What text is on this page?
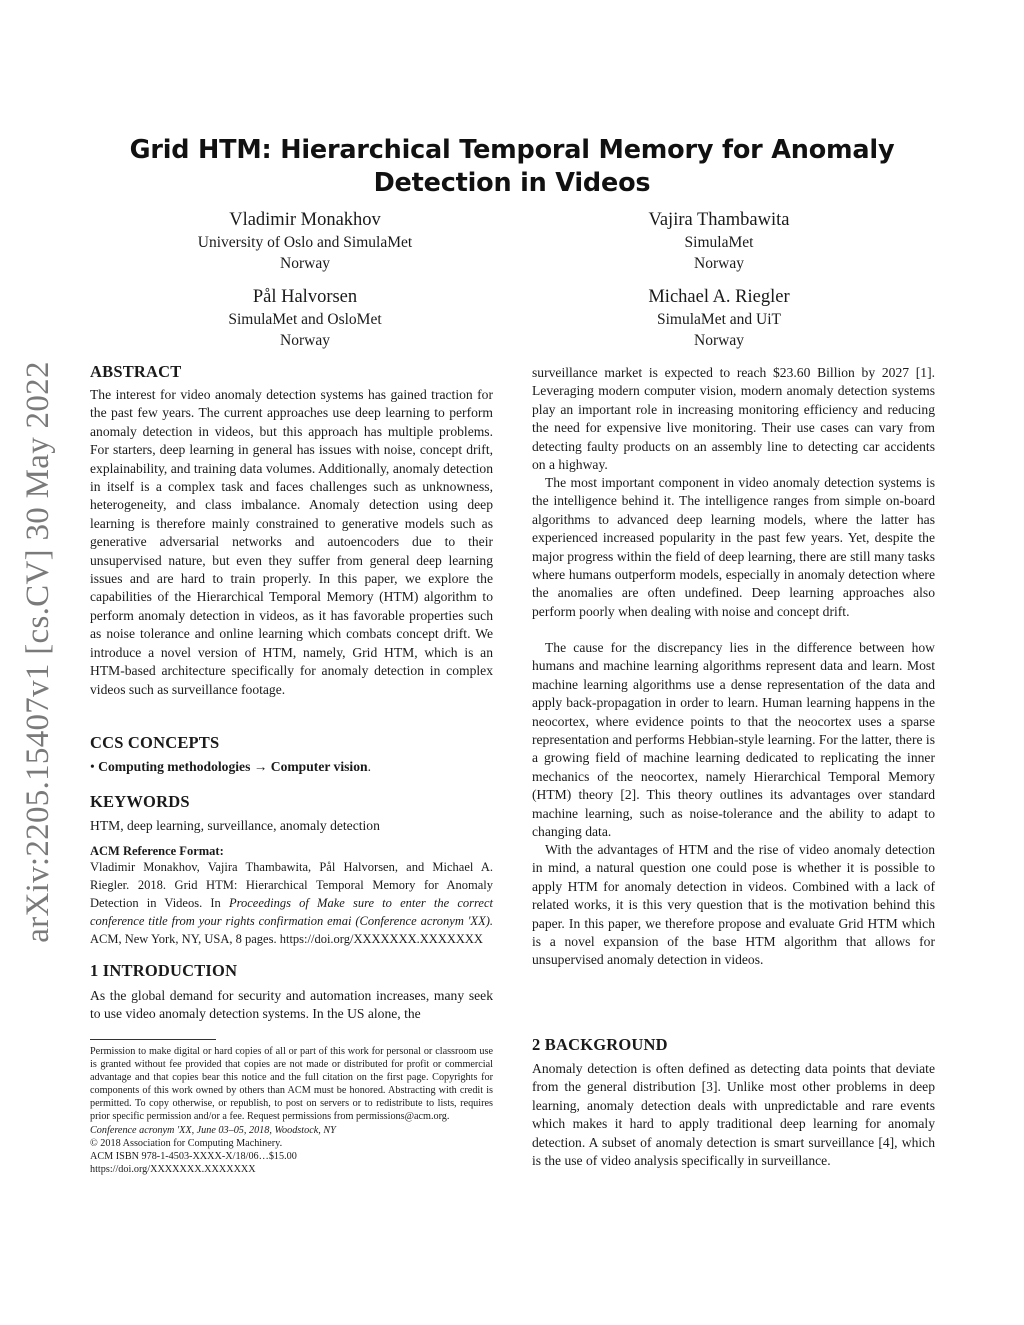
arXiv:2205.15407v1 [cs.CV] 30 May 2022
Grid HTM: Hierarchical Temporal Memory for Anomaly
Detection in Videos
Vladimir Monakhov
University of Oslo and SimulaMet
Norway
Vajira Thambawita
SimulaMet
Norway
Pål Halvorsen
SimulaMet and OsloMet
Norway
Michael A. Riegler
SimulaMet and UiT
Norway
ABSTRACT
The interest for video anomaly detection systems has gained traction for the past few years. The current approaches use deep learning to perform anomaly detection in videos, but this approach has multiple problems. For starters, deep learning in general has issues with noise, concept drift, explainability, and training data volumes. Additionally, anomaly detection in itself is a complex task and faces challenges such as unknowness, heterogeneity, and class imbalance. Anomaly detection using deep learning is therefore mainly constrained to generative models such as generative adversarial networks and autoencoders due to their unsupervised nature, but even they suffer from general deep learning issues and are hard to train properly. In this paper, we explore the capabilities of the Hierarchical Temporal Memory (HTM) algorithm to perform anomaly detection in videos, as it has favorable properties such as noise tolerance and online learning which combats concept drift. We introduce a novel version of HTM, namely, Grid HTM, which is an HTM-based architecture specifically for anomaly detection in complex videos such as surveillance footage.
CCS CONCEPTS
• Computing methodologies → Computer vision.
KEYWORDS
HTM, deep learning, surveillance, anomaly detection
ACM Reference Format:
Vladimir Monakhov, Vajira Thambawita, Pål Halvorsen, and Michael A. Riegler. 2018. Grid HTM: Hierarchical Temporal Memory for Anomaly Detection in Videos. In Proceedings of Make sure to enter the correct conference title from your rights confirmation emai (Conference acronym 'XX). ACM, New York, NY, USA, 8 pages. https://doi.org/XXXXXXX.XXXXXXX
1 INTRODUCTION
As the global demand for security and automation increases, many seek to use video anomaly detection systems. In the US alone, the

Permission to make digital or hard copies of all or part of this work for personal or classroom use is granted without fee provided that copies are not made or distributed for profit or commercial advantage and that copies bear this notice and the full citation on the first page. Copyrights for components of this work owned by others than ACM must be honored. Abstracting with credit is permitted. To copy otherwise, or republish, to post on servers or to redistribute to lists, requires prior specific permission and/or a fee. Request permissions from permissions@acm.org.

Conference acronym 'XX, June 03–05, 2018, Woodstock, NY

© 2018 Association for Computing Machinery.

ACM ISBN 978-1-4503-XXXX-X/18/06…$15.00

https://doi.org/XXXXXXX.XXXXXXX

surveillance market is expected to reach $23.60 Billion by 2027 [1]. Leveraging modern computer vision, modern anomaly detection systems play an important role in increasing monitoring efficiency and reducing the need for expensive live monitoring. Their use cases can vary from detecting faulty products on an assembly line to detecting car accidents on a highway.
The most important component in video anomaly detection systems is the intelligence behind it. The intelligence ranges from simple on-board algorithms to advanced deep learning models, where the latter has experienced increased popularity in the past few years. Yet, despite the major progress within the field of deep learning, there are still many tasks where humans outperform models, especially in anomaly detection where the anomalies are often undefined. Deep learning approaches also perform poorly when dealing with noise and concept drift.
The cause for the discrepancy lies in the difference between how humans and machine learning algorithms represent data and learn. Most machine learning algorithms use a dense representation of the data and apply back-propagation in order to learn. Human learning happens in the neocortex, where evidence points to that the neocortex uses a sparse representation and performs Hebbian-style learning. For the latter, there is a growing field of machine learning dedicated to replicating the inner mechanics of the neocortex, namely Hierarchical Temporal Memory (HTM) theory [2]. This theory outlines its advantages over standard machine learning, such as noise-tolerance and the ability to adapt to changing data.
With the advantages of HTM and the rise of video anomaly detection in mind, a natural question one could pose is whether it is possible to apply HTM for anomaly detection in videos. Combined with a lack of related works, it is this very question that is the motivation behind this paper. In this paper, we therefore propose and evaluate Grid HTM which is a novel expansion of the base HTM algorithm that allows for unsupervised anomaly detection in videos.
2 BACKGROUND
Anomaly detection is often defined as detecting data points that deviate from the general distribution [3]. Unlike most other problems in deep learning, anomaly detection deals with unpredictable and rare events which makes it hard to apply traditional deep learning for anomaly detection. A subset of anomaly detection is smart surveillance [4], which is the use of video analysis specifically in surveillance.
